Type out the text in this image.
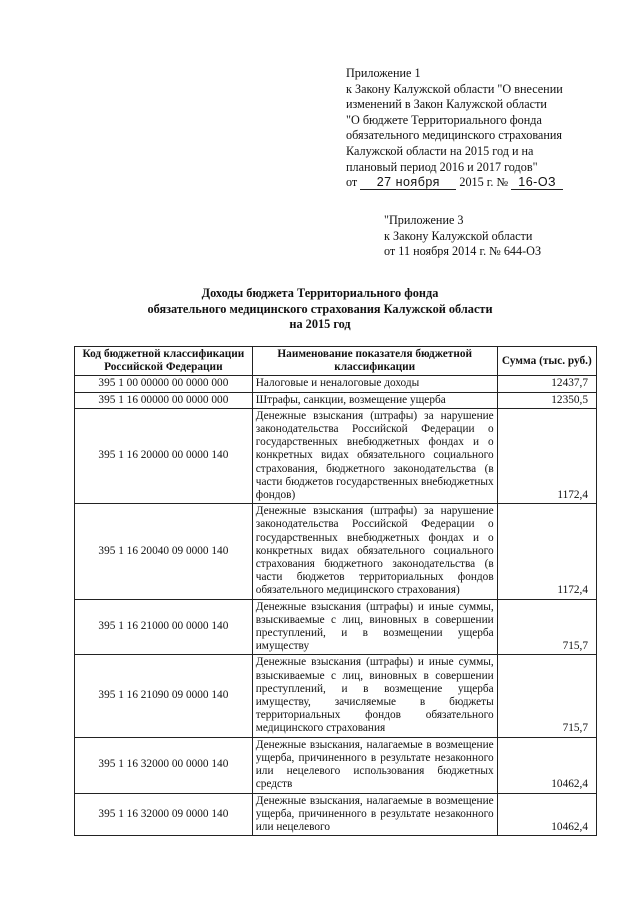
Приложение 1
к Закону Калужской области "О внесении
изменений в Закон Калужской области
"О бюджете Территориального фонда
обязательного медицинского страхования
Калужской области на 2015 год и на
плановый период 2016 и 2017 годов"
от 27 ноября 2015 г. № 16-ОЗ
"Приложение 3
к Закону Калужской области
от 11 ноября 2014 г. № 644-ОЗ
Доходы бюджета Территориального фонда
обязательного медицинского страхования Калужской области
на 2015 год
Код бюджетной классификации Российской Федерации	Наименование показателя бюджетной классификации	Сумма (тыс. руб.)
395 1 00 00000 00 0000 000	Налоговые и неналоговые доходы	12437,7
395 1 16 00000 00 0000 000	Штрафы, санкции, возмещение ущерба	12350,5
395 1 16 20000 00 0000 140	Денежные взыскания (штрафы) за нарушение законодательства Российской Федерации о государственных внебюджетных фондах и о конкретных видах обязательного социального страхования, бюджетного законодательства (в части бюджетов государственных внебюджетных фондов)	1172,4
395 1 16 20040 09 0000 140	Денежные взыскания (штрафы) за нарушение законодательства Российской Федерации о государственных внебюджетных фондах и о конкретных видах обязательного социального страхования бюджетного законодательства (в части бюджетов территориальных фондов обязательного медицинского страхования)	1172,4
395 1 16 21000 00 0000 140	Денежные взыскания (штрафы) и иные суммы, взыскиваемые с лиц, виновных в совершении преступлений, и в возмещении ущерба имуществу	715,7
395 1 16 21090 09 0000 140	Денежные взыскания (штрафы) и иные суммы, взыскиваемые с лиц, виновных в совершении преступлений, и в возмещение ущерба имуществу, зачисляемые в бюджеты территориальных фондов обязательного медицинского страхования	715,7
395 1 16 32000 00 0000 140	Денежные взыскания, налагаемые в возмещение ущерба, причиненного в результате незаконного или нецелевого использования бюджетных средств	10462,4
395 1 16 32000 09 0000 140	Денежные взыскания, налагаемые в возмещение ущерба, причиненного в результате незаконного или нецелевого	10462,4
